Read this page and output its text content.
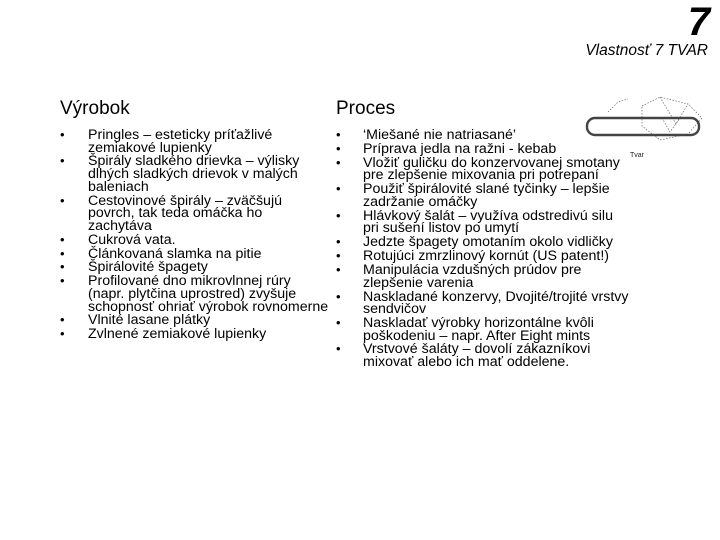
7
Vlastnosť 7 TVAR
Výrobok
• Pringles – esteticky príťažlivé zemiakové lupienky
• Špirály sladkého drievka – výlisky dlhých sladkých drievok v malých baleniach
• Cestovinové špirály – zväčšujú povrch, tak teda omáčka ho zachytáva
• Cukrová vata.
• Článkovaná slamka na pitie
• Špirálovité špagety
• Profilované dno mikrovlnnej rúry (napr. plytčina uprostred) zvyšuje schopnosť ohriať výrobok rovnomerne
• Vlnité lasane plátky
• Zvlnené zemiakové lupienky
Proces
• ‘Miešané nie natriasané’
• Príprava jedla na ražni - kebab
• Vložiť guličku do konzervovanej smotany pre zlepšenie mixovania pri potrepaní
• Použiť špirálovité slané tyčinky – lepšie zadržanie omáčky
• Hlávkový šalát – využíva odstredivú silu pri sušení listov po umytí
• Jedzte špagety omotaním okolo vidličky
• Rotujúci zmrzlinový kornút (US patent!)
• Manipulácia vzdušných prúdov pre zlepšenie varenia
• Naskladané konzervy, Dvojité/trojité vrstvy sendvičov
• Naskladať výrobky horizontálne kvôli poškodeniu – napr. After Eight mints
• Vrstvové šaláty – dovolí zákazníkovi mixovať alebo ich mať oddelene.
Tvar
